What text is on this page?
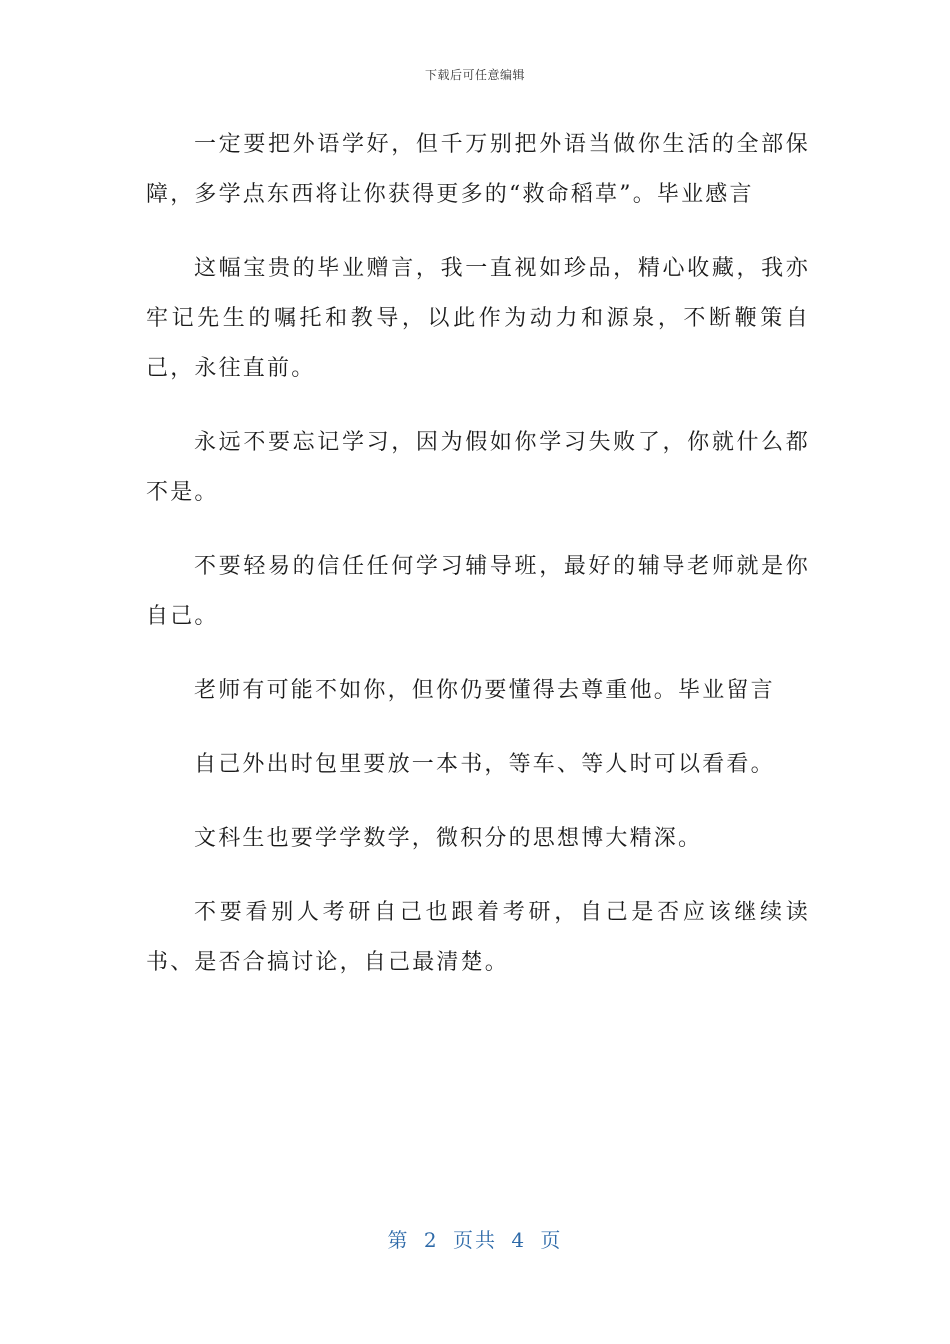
下载后可任意编辑

一定要把外语学好，但千万别把外语当做你生活的全部保障，多学点东西将让你获得更多的“救命稻草”。毕业感言

这幅宝贵的毕业赠言，我一直视如珍品，精心收藏，我亦牢记先生的嘱托和教导，以此作为动力和源泉，不断鞭策自己，永往直前。

永远不要忘记学习，因为假如你学习失败了，你就什么都不是。

不要轻易的信任任何学习辅导班，最好的辅导老师就是你自己。

老师有可能不如你，但你仍要懂得去尊重他。毕业留言

自己外出时包里要放一本书，等车、等人时可以看看。

文科生也要学学数学，微积分的思想博大精深。

不要看别人考研自己也跟着考研，自己是否应该继续读书、是否合搞讨论，自己最清楚。

第 2 页共 4 页
